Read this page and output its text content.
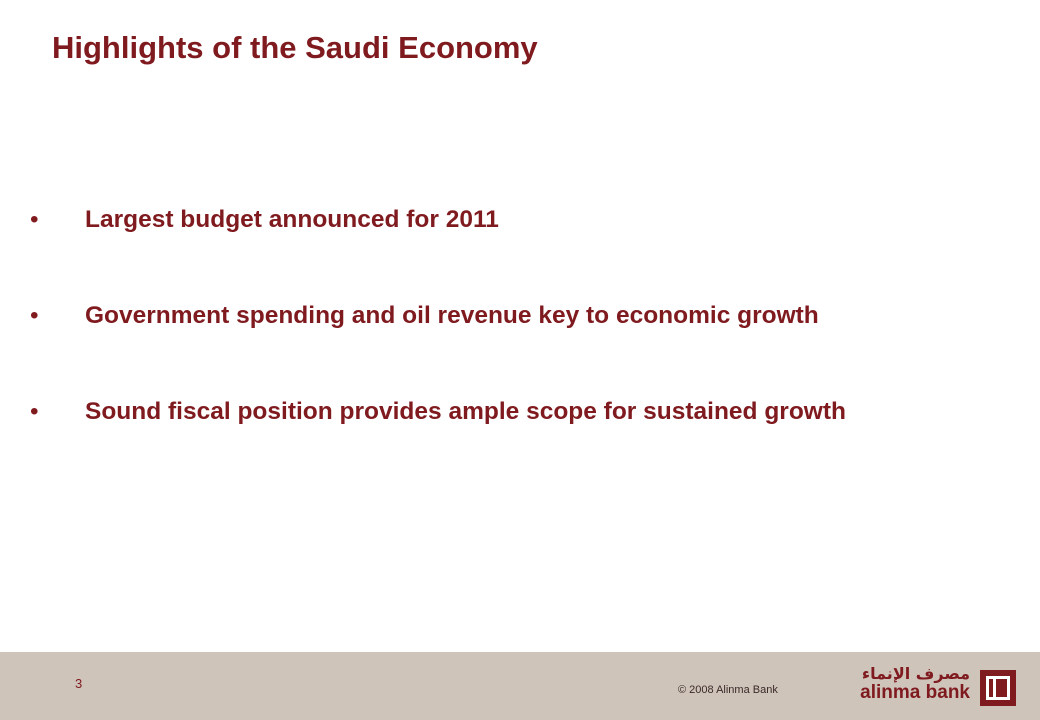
Highlights of the Saudi Economy
• Largest budget announced for 2011
• Government spending and oil revenue key to economic growth
• Sound fiscal position provides ample scope for sustained growth
3	© 2008 Alinma Bank
مصرف الإنماء
alinma bank
